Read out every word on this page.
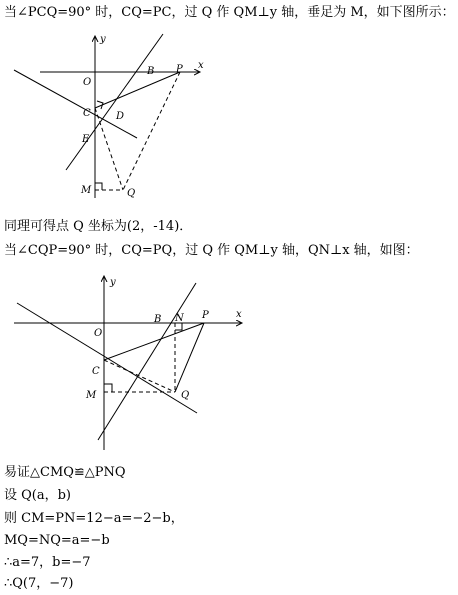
当∠PCQ=90° 时，CQ=PC，过 Q 作 QM⊥y 轴，垂足为 M，如下图所示：
y
x
O
B P
C	D
E
M	Q
同理可得点 Q 坐标为(2，-14)．
当∠CQP=90° 时，CQ=PQ，过 Q 作 QM⊥y 轴，QN⊥x 轴，如图：
y
x
O
B N P
C
M	Q
易证△CMQ≌△PNQ
设 Q(a，b)
则 CM=PN=12−a=−2−b，
MQ=NQ=a=−b
∴a=7，b=−7
∴Q(7，−7)
